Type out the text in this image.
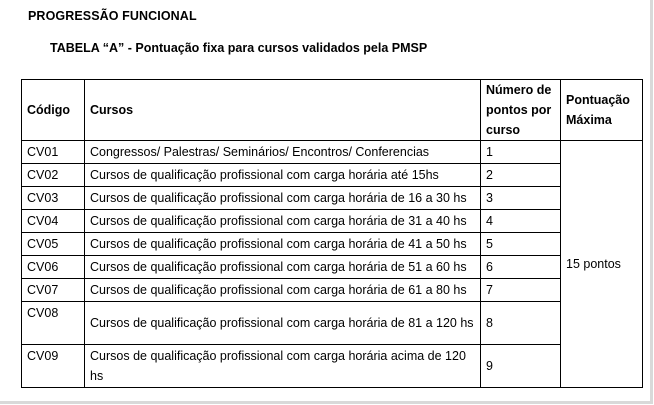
PROGRESSÃO FUNCIONAL
TABELA “A” - Pontuação fixa para cursos validados pela PMSP
Código	Cursos	Número de pontos por curso	Pontuação Máxima
CV01	Congressos/ Palestras/ Seminários/ Encontros/ Conferencias	1	15 pontos
CV02	Cursos de qualificação profissional com carga horária até 15hs	2	
CV03	Cursos de qualificação profissional com carga horária de 16 a 30 hs	3	
CV04	Cursos de qualificação profissional com carga horária de 31 a 40 hs	4	
CV05	Cursos de qualificação profissional com carga horária de 41 a 50 hs	5	
CV06	Cursos de qualificação profissional com carga horária de 51 a 60 hs	6	
CV07	Cursos de qualificação profissional com carga horária de 61 a 80 hs	7	
CV08	Cursos de qualificação profissional com carga horária de 81 a 120 hs	8	
CV09	Cursos de qualificação profissional com carga horária acima de 120 hs	9	
